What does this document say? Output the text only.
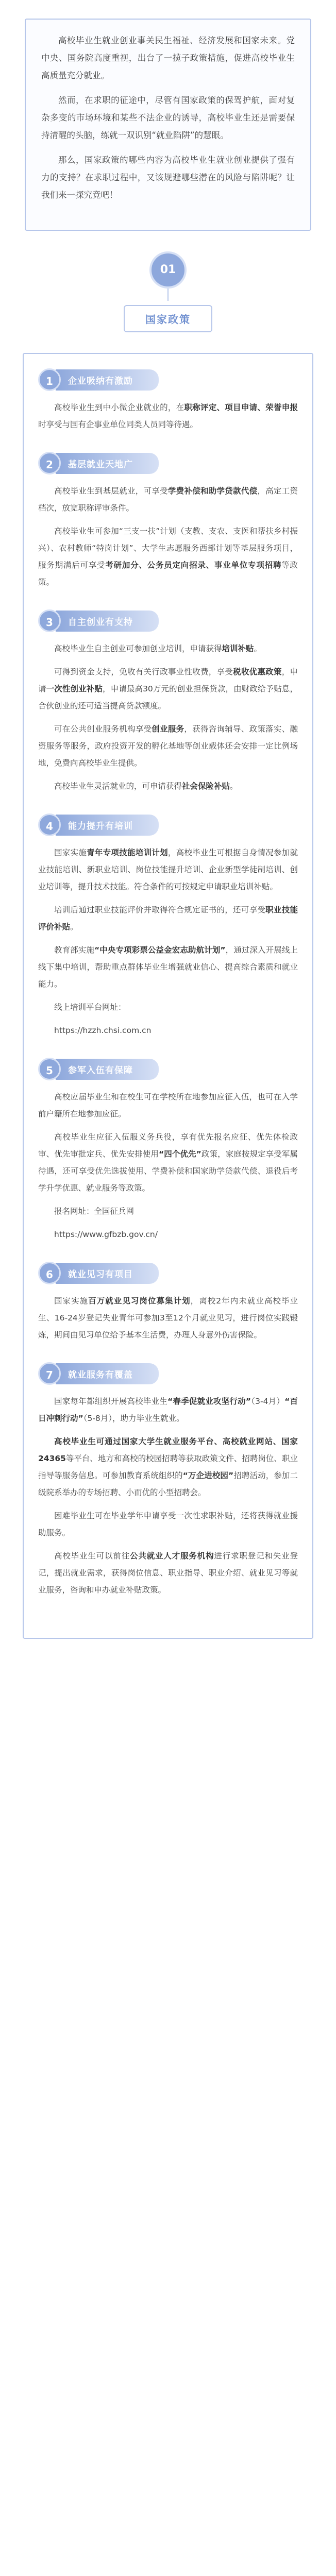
高校毕业生就业创业事关民生福祉、经济发展和国家未来。党中央、国务院高度重视，出台了一揽子政策措施，促进高校毕业生高质量充分就业。

然而，在求职的征途中，尽管有国家政策的保驾护航，面对复杂多变的市场环境和某些不法企业的诱导，高校毕业生还是需要保持清醒的头脑，练就一双识别“就业陷阱”的慧眼。

那么，国家政策的哪些内容为高校毕业生就业创业提供了强有力的支持？在求职过程中，又该规避哪些潜在的风险与陷阱呢？让我们来一探究竟吧！

01
国家政策
1	企业吸纳有激励

高校毕业生到中小微企业就业的，在职称评定、项目申请、荣誉申报时享受与国有企事业单位同类人员同等待遇。

2	基层就业天地广

高校毕业生到基层就业，可享受学费补偿和助学贷款代偿，高定工资档次，放宽职称评审条件。

高校毕业生可参加“三支一扶”计划（支教、支农、支医和帮扶乡村振兴）、农村教师“特岗计划”、大学生志愿服务西部计划等基层服务项目，服务期满后可享受考研加分、公务员定向招录、事业单位专项招聘等政策。

3	自主创业有支持

高校毕业生自主创业可参加创业培训，申请获得培训补贴。

可得到资金支持，免收有关行政事业性收费，享受税收优惠政策，申请一次性创业补贴，申请最高30万元的创业担保贷款，由财政给予贴息，合伙创业的还可适当提高贷款额度。

可在公共创业服务机构享受创业服务，获得咨询辅导、政策落实、融资服务等服务，政府投资开发的孵化基地等创业载体还会安排一定比例场地，免费向高校毕业生提供。

高校毕业生灵活就业的，可申请获得社会保险补贴。

4	能力提升有培训

国家实施青年专项技能培训计划，高校毕业生可根据自身情况参加就业技能培训、新职业培训、岗位技能提升培训、企业新型学徒制培训、创业培训等，提升技术技能。符合条件的可按规定申请职业培训补贴。

培训后通过职业技能评价并取得符合规定证书的，还可享受职业技能评价补贴。

教育部实施“中央专项彩票公益金宏志助航计划”，通过深入开展线上线下集中培训，帮助重点群体毕业生增强就业信心、提高综合素质和就业能力。

线上培训平台网址：

https://hzzh.chsi.com.cn

5	参军入伍有保障

高校应届毕业生和在校生可在学校所在地参加应征入伍，也可在入学前户籍所在地参加应征。

高校毕业生应征入伍服义务兵役，享有优先报名应征、优先体检政审、优先审批定兵、优先安排使用“四个优先”政策，家庭按规定享受军属待遇，还可享受优先选拔使用、学费补偿和国家助学贷款代偿、退役后考学升学优惠、就业服务等政策。

报名网址：全国征兵网

https://www.gfbzb.gov.cn/

6	就业见习有项目

国家实施百万就业见习岗位募集计划，离校2年内未就业高校毕业生、16-24岁登记失业青年可参加3至12个月就业见习，进行岗位实践锻炼，期间由见习单位给予基本生活费，办理人身意外伤害保险。

7	就业服务有覆盖

国家每年都组织开展高校毕业生“春季促就业攻坚行动”（3-4月）“百日冲刺行动”（5-8月），助力毕业生就业。

高校毕业生可通过国家大学生就业服务平台、高校就业网站、国家24365等平台、地方和高校的校园招聘等获取政策文件、招聘岗位、职业指导等服务信息。可参加教育系统组织的“万企进校园”招聘活动，参加二级院系举办的专场招聘、小而优的小型招聘会。

困难毕业生可在毕业学年申请享受一次性求职补贴，还将获得就业援助服务。

高校毕业生可以前往公共就业人才服务机构进行求职登记和失业登记，提出就业需求，获得岗位信息、职业指导、职业介绍、就业见习等就业服务，咨询和申办就业补贴政策。
